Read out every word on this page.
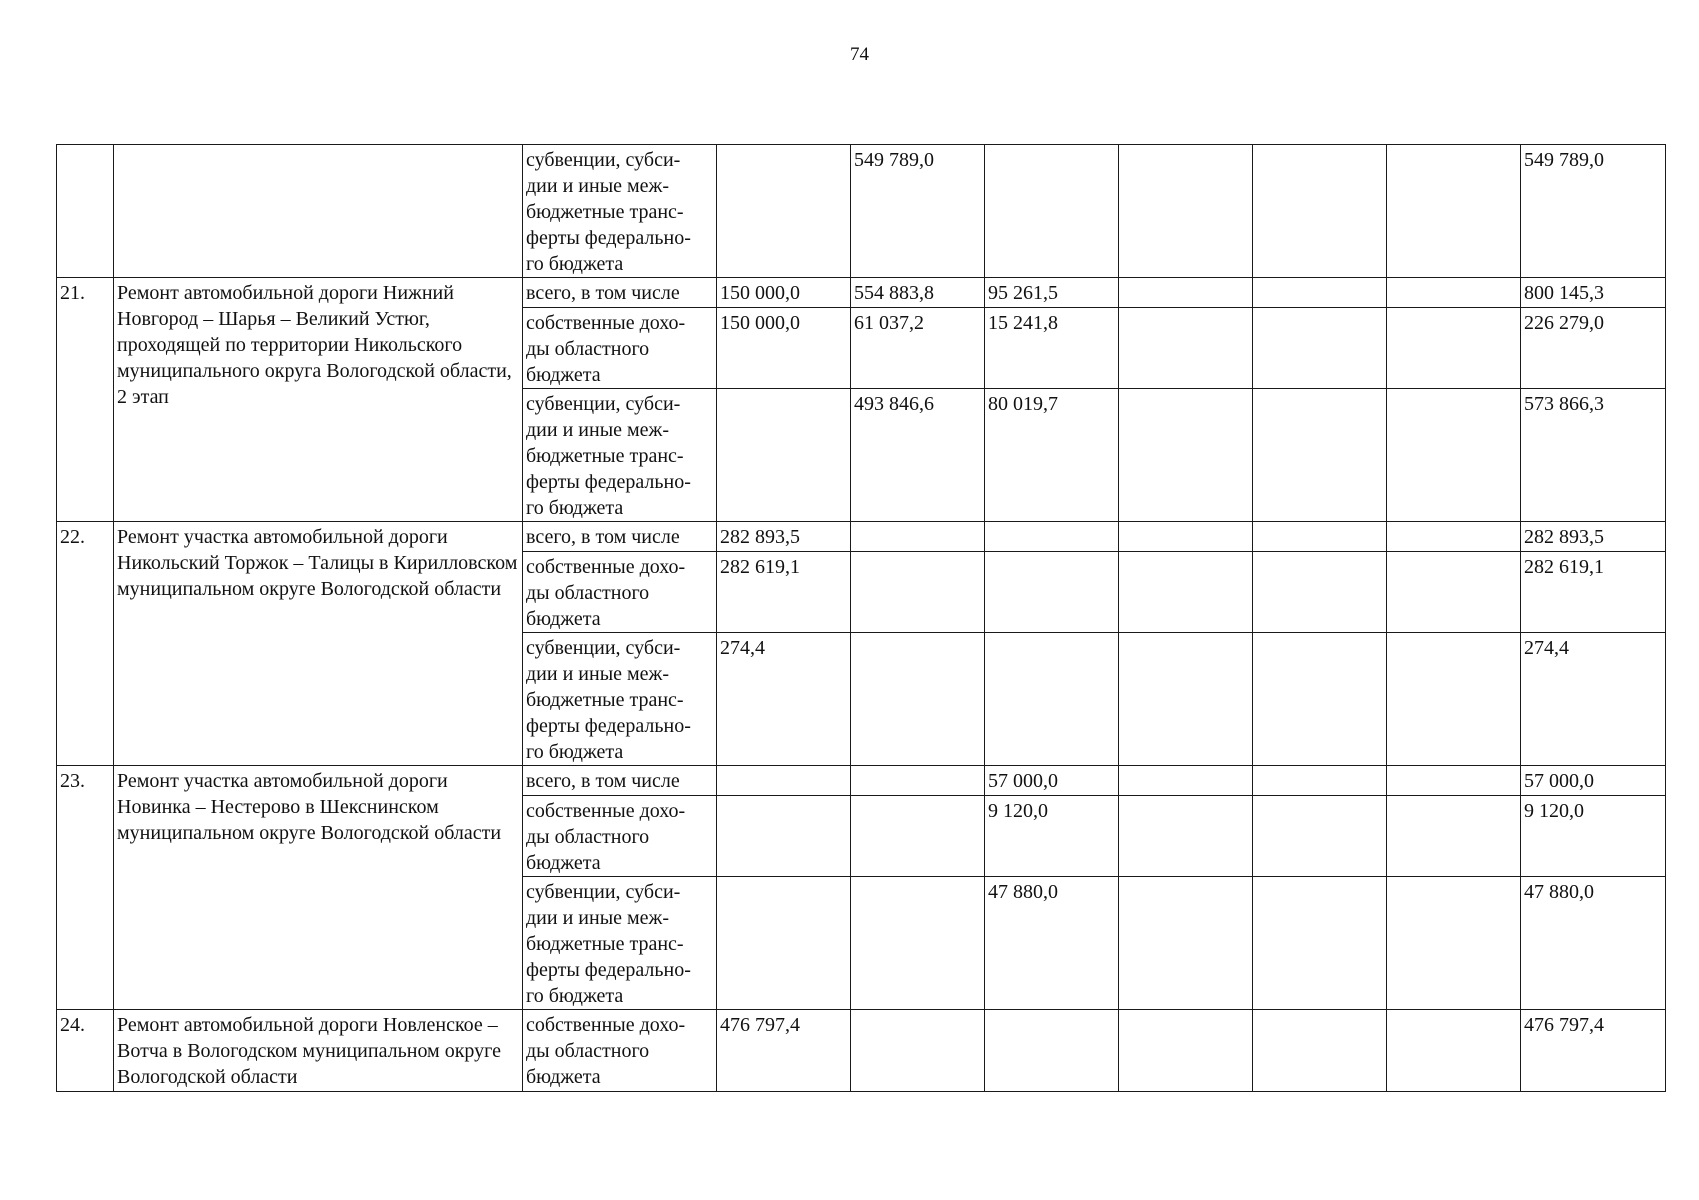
74
		субвенции, субси-
дии и иные меж-
бюджетные транс-
ферты федерально-
го бюджета		549 789,0					549 789,0
21.	Ремонт автомобильной дороги Нижний Новгород – Шарья – Великий Устюг, проходящей по территории Никольского муниципального округа Вологодской области, 2 этап	всего, в том числе	150 000,0	554 883,8	95 261,5				800 145,3
		собственные дохо-
ды областного
бюджета	150 000,0	61 037,2	15 241,8				226 279,0
		субвенции, субси-
дии и иные меж-
бюджетные транс-
ферты федерально-
го бюджета		493 846,6	80 019,7				573 866,3
22.	Ремонт участка автомобильной дороги Никольский Торжок – Талицы в Кирилловском муниципальном округе Вологодской области	всего, в том числе	282 893,5						282 893,5
		собственные дохо-
ды областного
бюджета	282 619,1						282 619,1
		субвенции, субси-
дии и иные меж-
бюджетные транс-
ферты федерально-
го бюджета	274,4						274,4
23.	Ремонт участка автомобильной дороги Новинка – Нестерово в Шекснинском муниципальном округе Вологодской области	всего, в том числе			57 000,0				57 000,0
		собственные дохо-
ды областного
бюджета			9 120,0				9 120,0
		субвенции, субси-
дии и иные меж-
бюджетные транс-
ферты федерально-
го бюджета			47 880,0				47 880,0
24.	Ремонт автомобильной дороги Новленское – Вотча в Вологодском муниципальном округе Вологодской области	собственные дохо-
ды областного
бюджета	476 797,4						476 797,4
